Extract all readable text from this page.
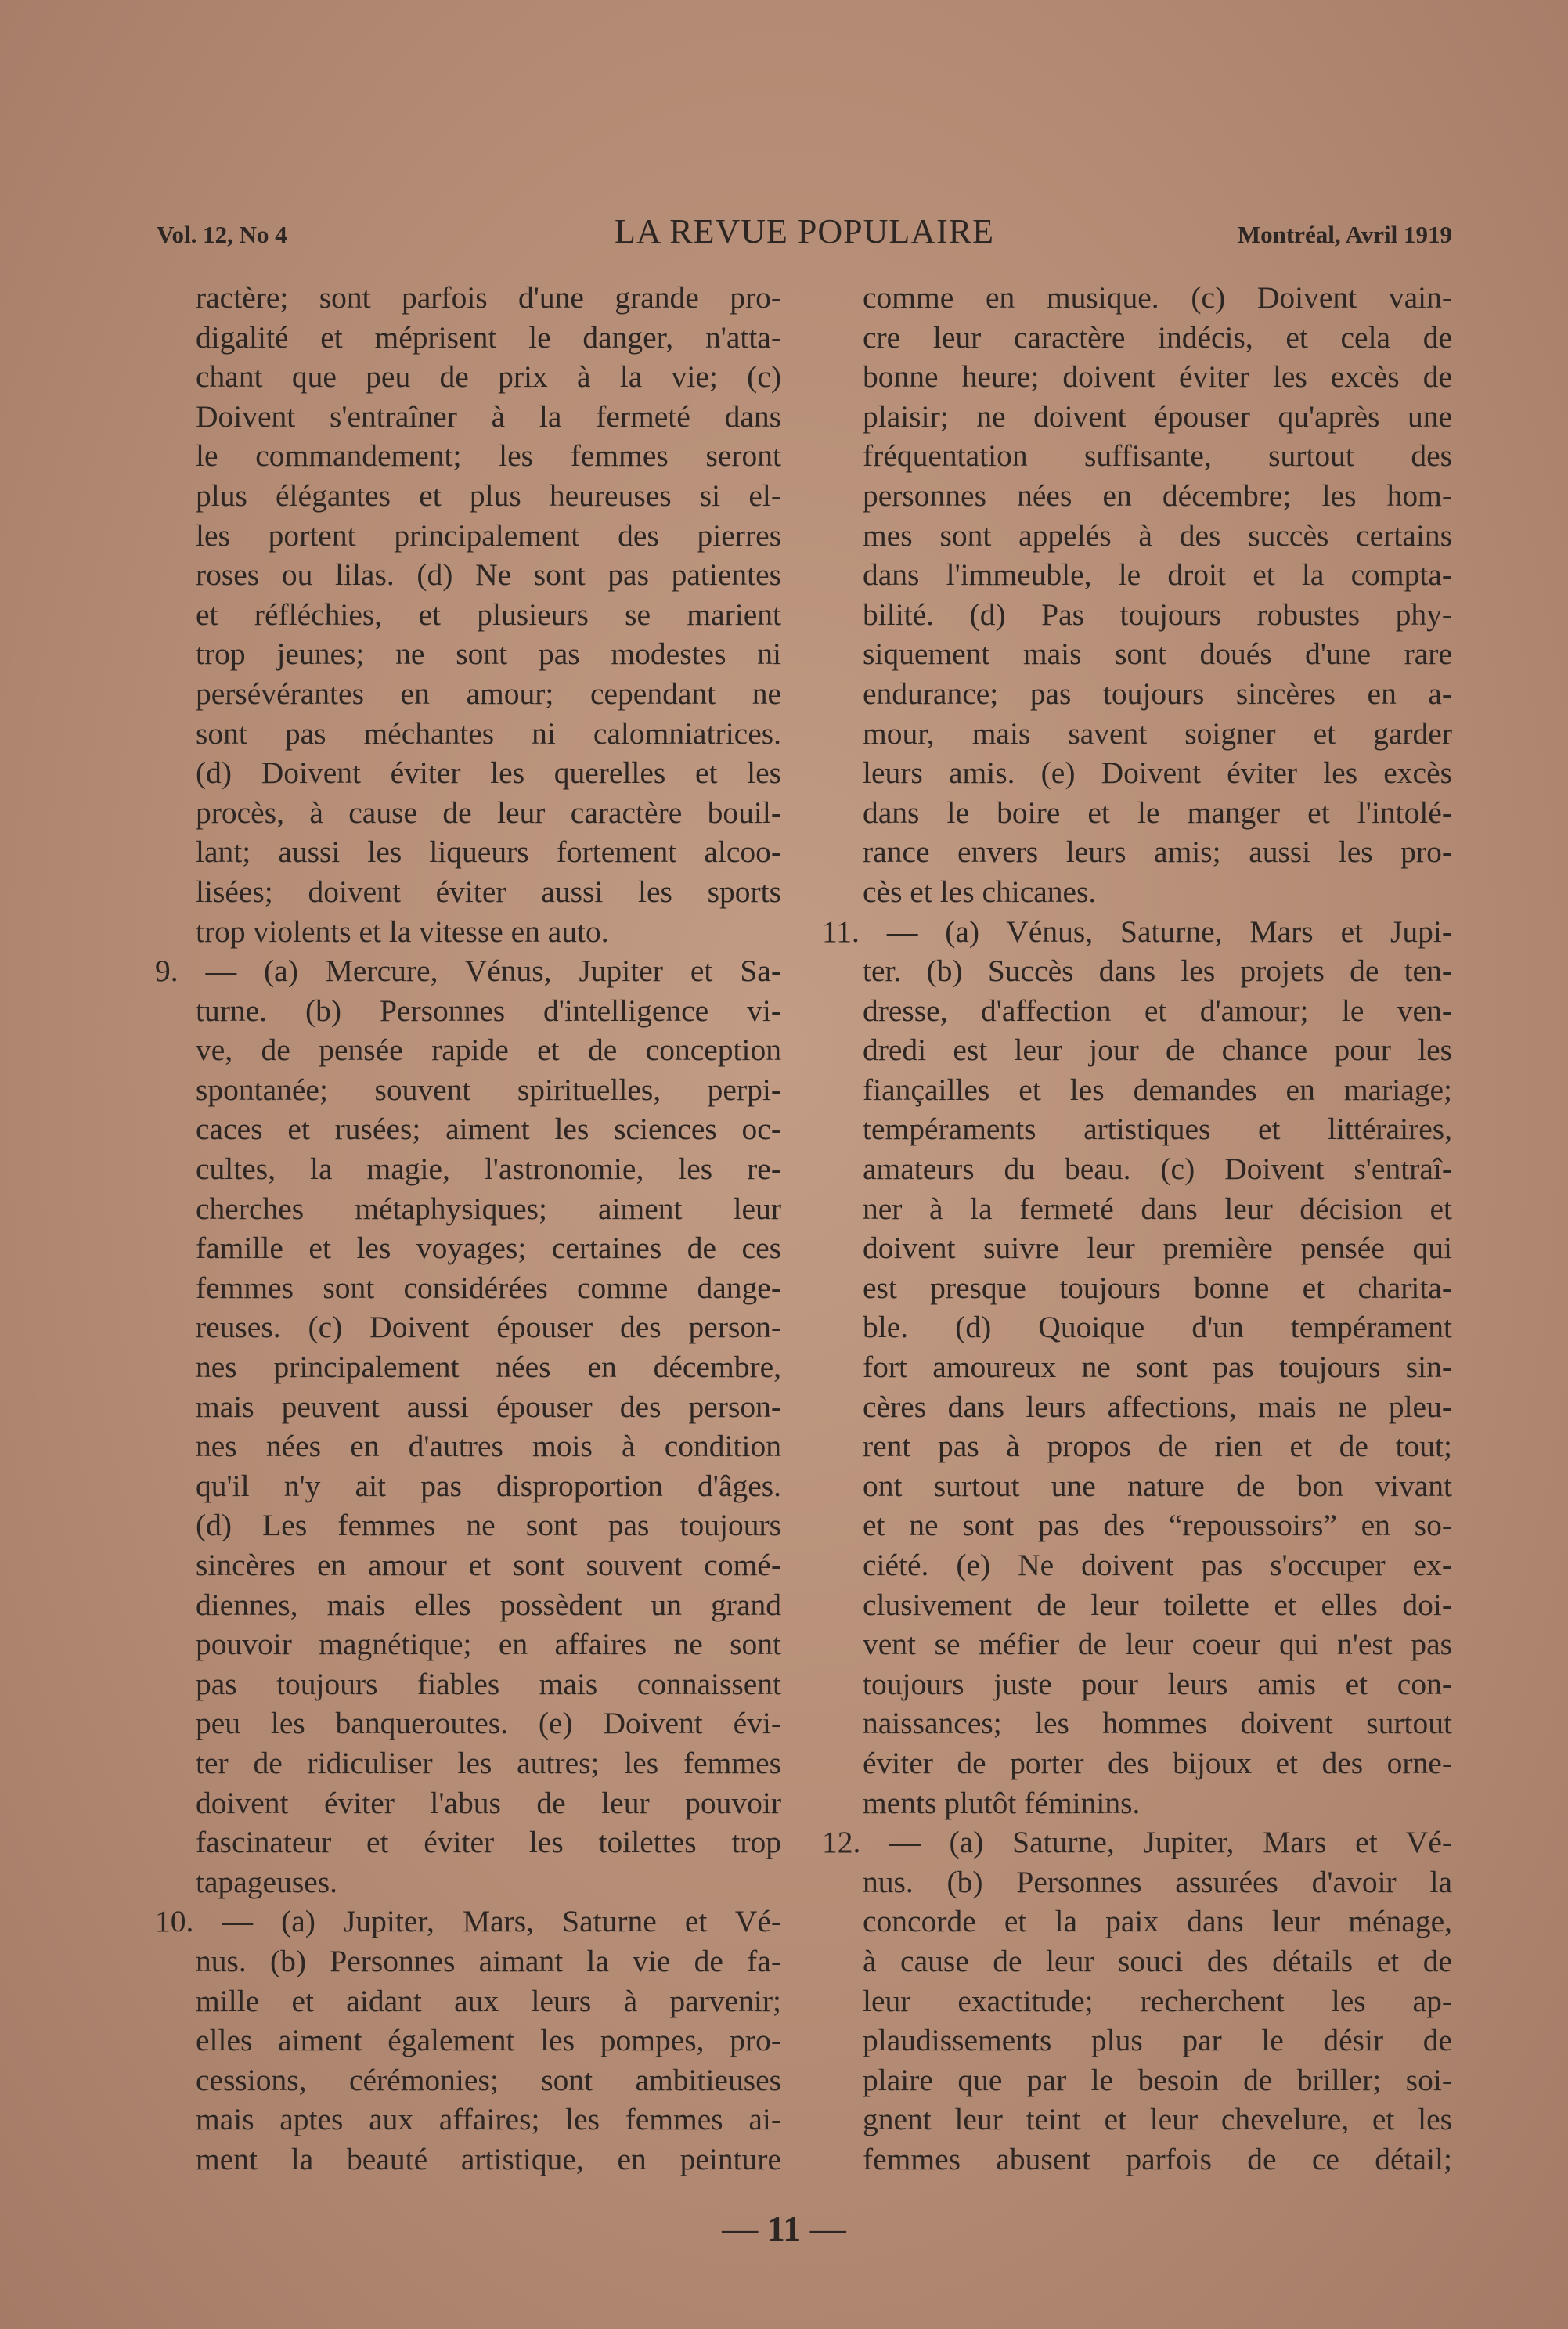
Vol. 12, No 4	LA REVUE POPULAIRE	Montréal, Avril 1919
ractère; sont parfois d'une grande pro-
digalité et méprisent le danger, n'atta-
chant que peu de prix à la vie; (c)
Doivent s'entraîner à la fermeté dans
le commandement; les femmes seront
plus élégantes et plus heureuses si el-
les portent principalement des pierres
roses ou lilas. (d) Ne sont pas patientes
et réfléchies, et plusieurs se marient
trop jeunes; ne sont pas modestes ni
persévérantes en amour; cependant ne
sont pas méchantes ni calomniatrices.
(d) Doivent éviter les querelles et les
procès, à cause de leur caractère bouil-
lant; aussi les liqueurs fortement alcoo-
lisées; doivent éviter aussi les sports
trop violents et la vitesse en auto.
9. — (a) Mercure, Vénus, Jupiter et Sa-
turne. (b) Personnes d'intelligence vi-
ve, de pensée rapide et de conception
spontanée; souvent spirituelles, perpi-
caces et rusées; aiment les sciences oc-
cultes, la magie, l'astronomie, les re-
cherches métaphysiques; aiment leur
famille et les voyages; certaines de ces
femmes sont considérées comme dange-
reuses. (c) Doivent épouser des person-
nes principalement nées en décembre,
mais peuvent aussi épouser des person-
nes nées en d'autres mois à condition
qu'il n'y ait pas disproportion d'âges.
(d) Les femmes ne sont pas toujours
sincères en amour et sont souvent comé-
diennes, mais elles possèdent un grand
pouvoir magnétique; en affaires ne sont
pas toujours fiables mais connaissent
peu les banqueroutes. (e) Doivent évi-
ter de ridiculiser les autres; les femmes
doivent éviter l'abus de leur pouvoir
fascinateur et éviter les toilettes trop
tapageuses.
10. — (a) Jupiter, Mars, Saturne et Vé-
nus. (b) Personnes aimant la vie de fa-
mille et aidant aux leurs à parvenir;
elles aiment également les pompes, pro-
cessions, cérémonies; sont ambitieuses
mais aptes aux affaires; les femmes ai-
ment la beauté artistique, en peinture
comme en musique. (c) Doivent vain-
cre leur caractère indécis, et cela de
bonne heure; doivent éviter les excès de
plaisir; ne doivent épouser qu'après une
fréquentation suffisante, surtout des
personnes nées en décembre; les hom-
mes sont appelés à des succès certains
dans l'immeuble, le droit et la compta-
bilité. (d) Pas toujours robustes phy-
siquement mais sont doués d'une rare
endurance; pas toujours sincères en a-
mour, mais savent soigner et garder
leurs amis. (e) Doivent éviter les excès
dans le boire et le manger et l'intolé-
rance envers leurs amis; aussi les pro-
cès et les chicanes.
11. — (a) Vénus, Saturne, Mars et Jupi-
ter. (b) Succès dans les projets de ten-
dresse, d'affection et d'amour; le ven-
dredi est leur jour de chance pour les
fiançailles et les demandes en mariage;
tempéraments artistiques et littéraires,
amateurs du beau. (c) Doivent s'entraî-
ner à la fermeté dans leur décision et
doivent suivre leur première pensée qui
est presque toujours bonne et charita-
ble. (d) Quoique d'un tempérament
fort amoureux ne sont pas toujours sin-
cères dans leurs affections, mais ne pleu-
rent pas à propos de rien et de tout;
ont surtout une nature de bon vivant
et ne sont pas des “repoussoirs” en so-
ciété. (e) Ne doivent pas s'occuper ex-
clusivement de leur toilette et elles doi-
vent se méfier de leur coeur qui n'est pas
toujours juste pour leurs amis et con-
naissances; les hommes doivent surtout
éviter de porter des bijoux et des orne-
ments plutôt féminins.
12. — (a) Saturne, Jupiter, Mars et Vé-
nus. (b) Personnes assurées d'avoir la
concorde et la paix dans leur ménage,
à cause de leur souci des détails et de
leur exactitude; recherchent les ap-
plaudissements plus par le désir de
plaire que par le besoin de briller; soi-
gnent leur teint et leur chevelure, et les
femmes abusent parfois de ce détail;
— 11 —
